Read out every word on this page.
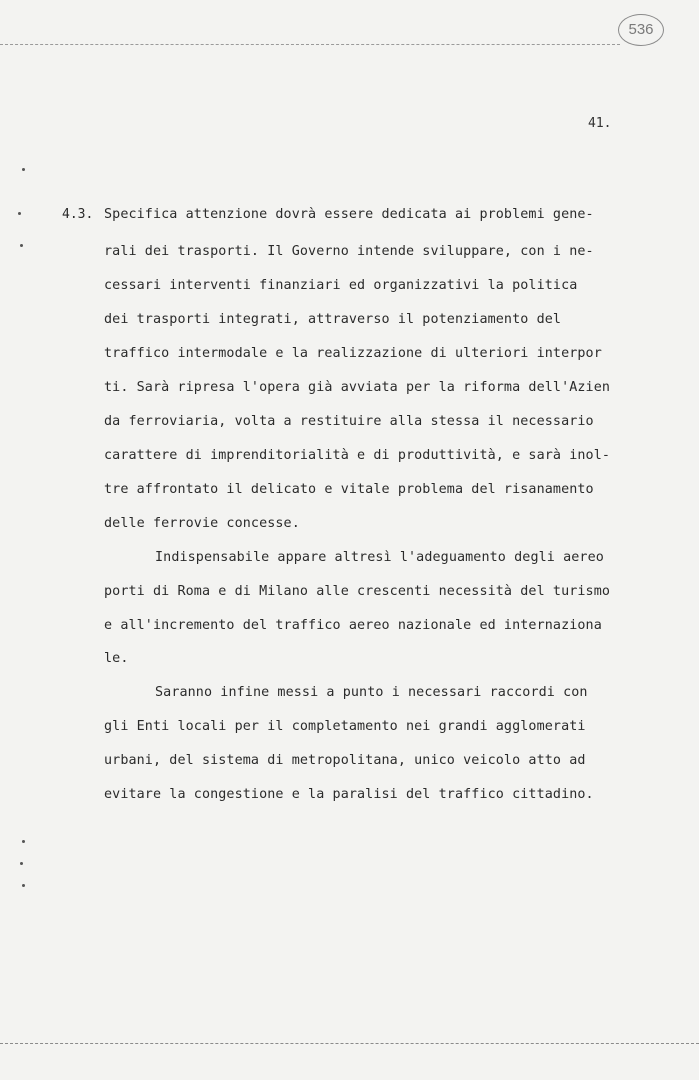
536
41.
4.3. Specifica attenzione dovrà essere dedicata ai problemi gene-
rali dei trasporti. Il Governo intende sviluppare, con i ne-
cessari interventi finanziari ed organizzativi la politica
dei trasporti integrati, attraverso il potenziamento del
traffico intermodale e la realizzazione di ulteriori interpor
ti. Sarà ripresa l'opera già avviata per la riforma dell'Azien
da ferroviaria, volta a restituire alla stessa il necessario
carattere di imprenditorialità e di produttività, e sarà inol-
tre affrontato il delicato e vitale problema del risanamento
delle ferrovie concesse.
Indispensabile appare altresì l'adeguamento degli aereo
porti di Roma e di Milano alle crescenti necessità del turismo
e all'incremento del traffico aereo nazionale ed internaziona
le.
Saranno infine messi a punto i necessari raccordi con
gli Enti locali per il completamento nei grandi agglomerati
urbani, del sistema di metropolitana, unico veicolo atto ad
evitare la congestione e la paralisi del traffico cittadino.
